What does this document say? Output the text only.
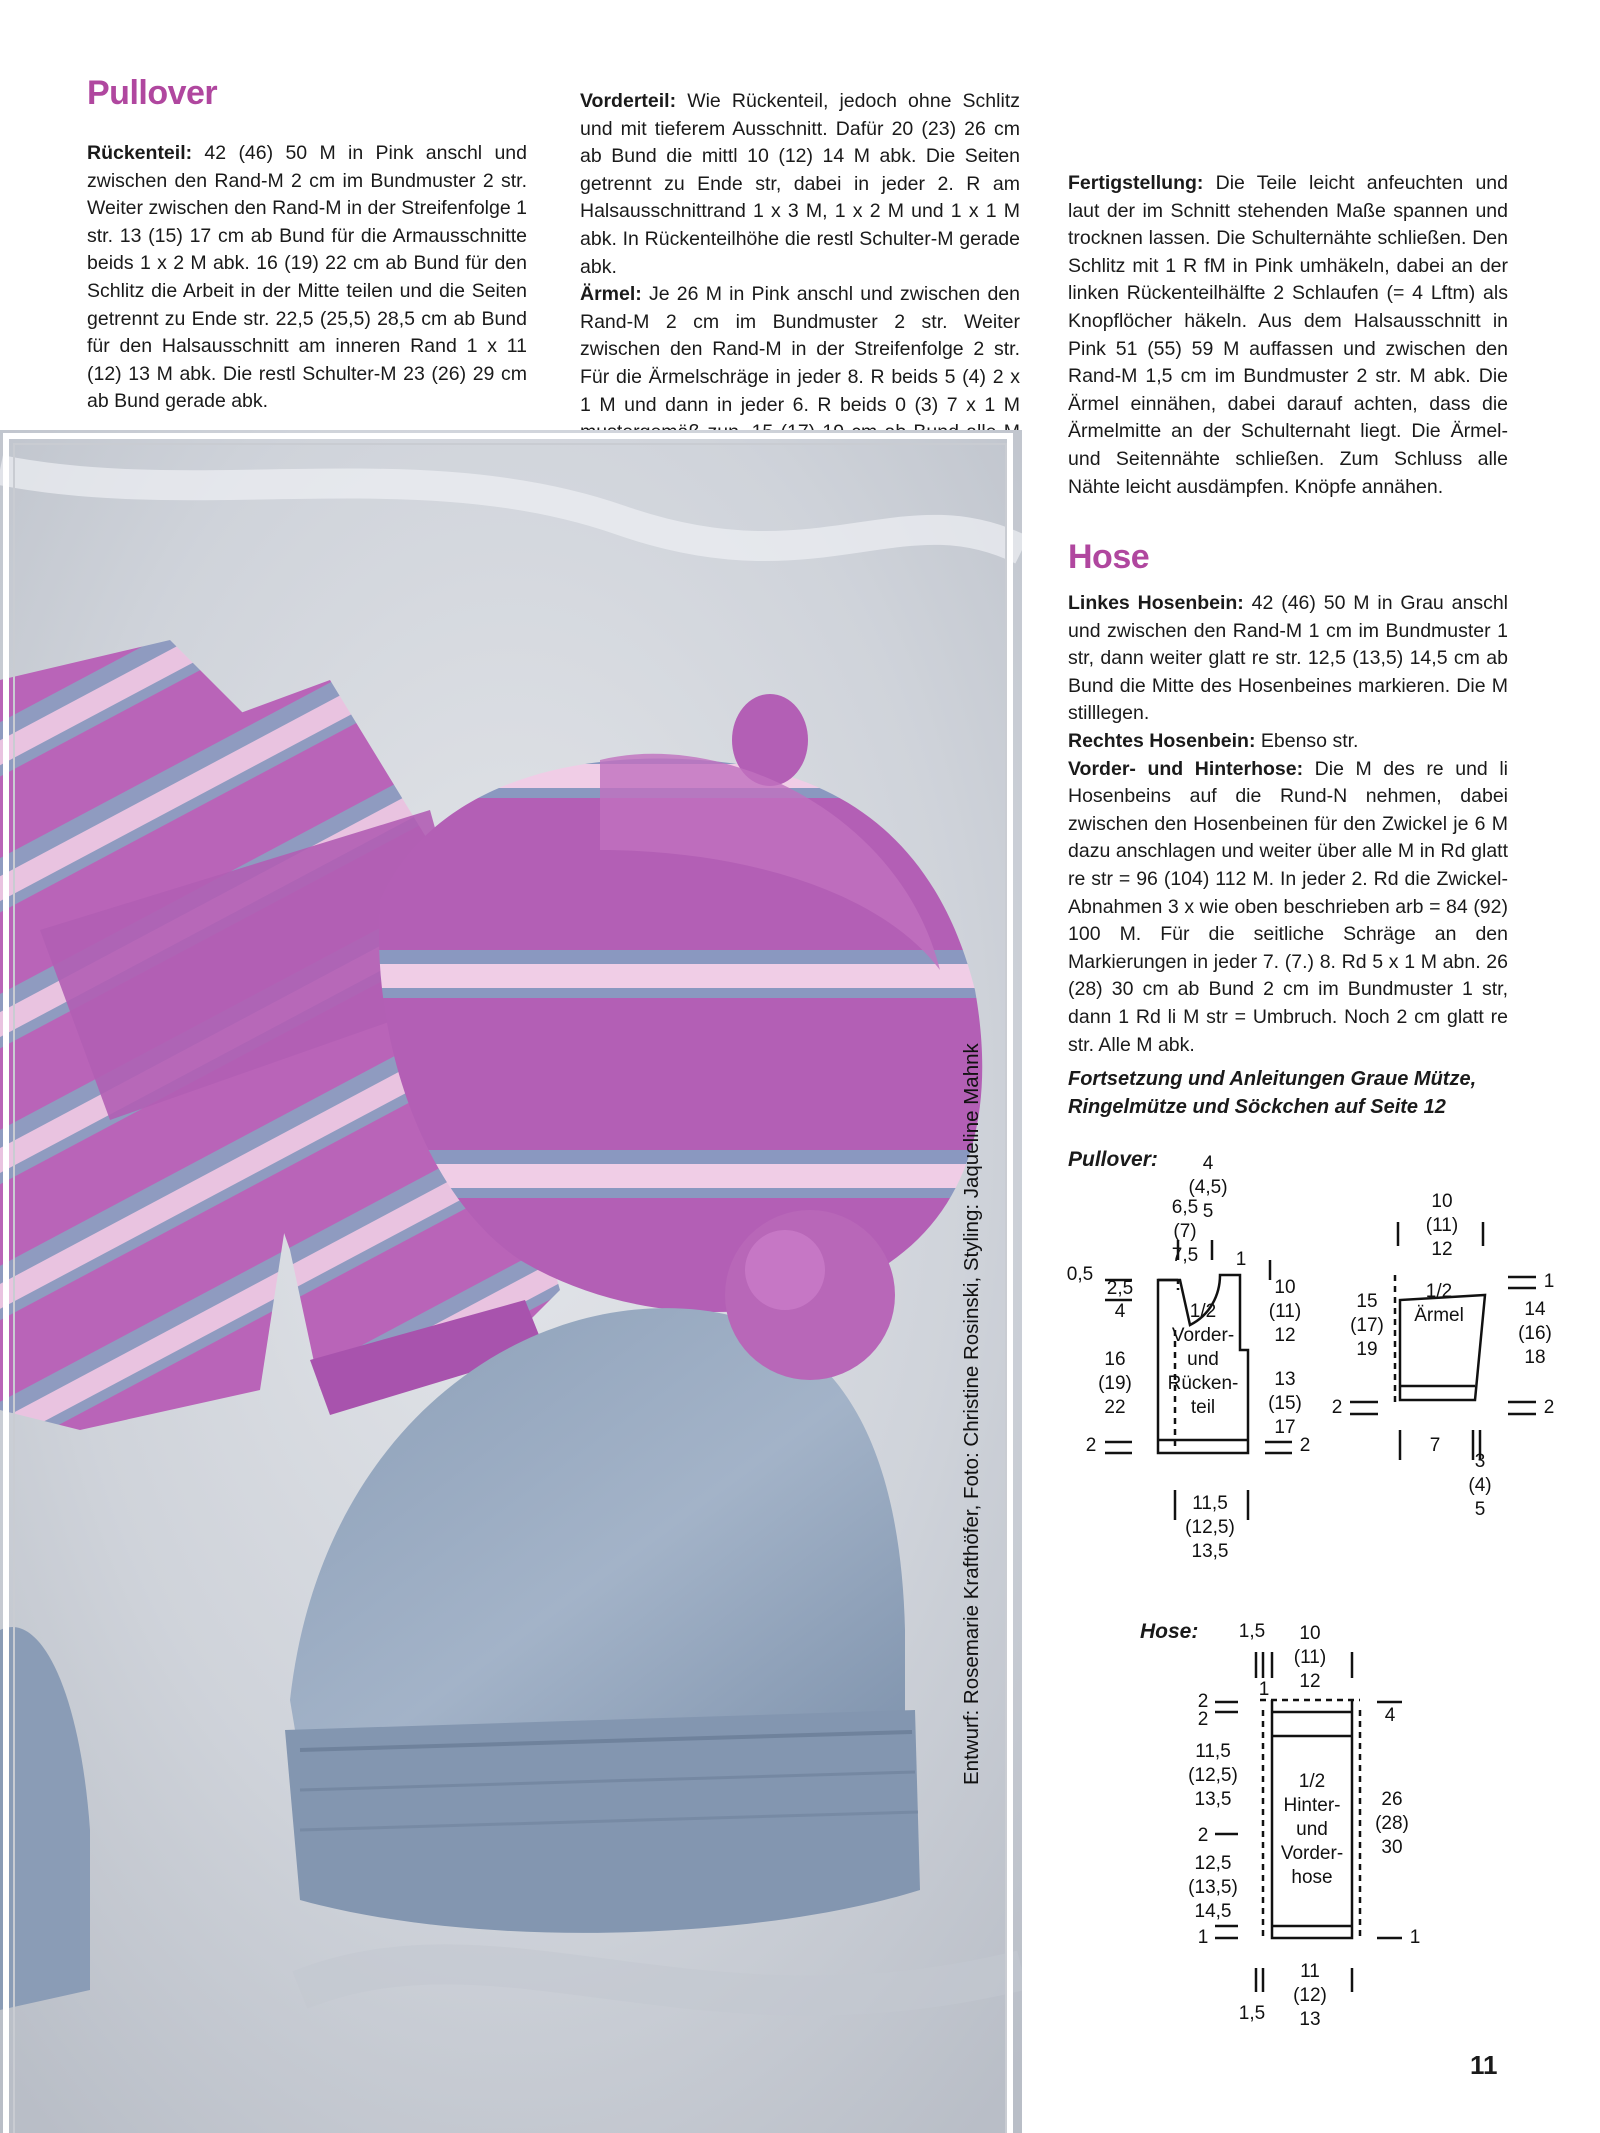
Pullover

Rückenteil: 42 (46) 50 M in Pink anschl und zwischen den Rand-M 2 cm im Bundmuster 2 str. Weiter zwischen den Rand-M in der Streifenfolge 1 str. 13 (15) 17 cm ab Bund für die Armausschnitte beids 1 x 2 M abk. 16 (19) 22 cm ab Bund für den Schlitz die Arbeit in der Mitte teilen und die Seiten getrennt zu Ende str. 22,5 (25,5) 28,5 cm ab Bund für den Halsausschnitt am inneren Rand 1 x 11 (12) 13 M abk. Die restl Schulter-M 23 (26) 29 cm ab Bund gerade abk.

Vorderteil: Wie Rückenteil, jedoch ohne Schlitz und mit tieferem Ausschnitt. Dafür 20 (23) 26 cm ab Bund die mittl 10 (12) 14 M abk. Die Seiten getrennt zu Ende str, dabei in jeder 2. R am Halsausschnittrand 1 x 3 M, 1 x 2 M und 1 x 1 M abk. In Rückenteilhöhe die restl Schulter-M gerade abk.

Ärmel: Je 26 M in Pink anschl und zwischen den Rand-M 2 cm im Bundmuster 2 str. Weiter zwischen den Rand-M in der Streifenfolge 2 str. Für die Ärmelschräge in jeder 8. R beids 5 (4) 2 x 1 M und dann in jeder 6. R beids 0 (3) 7 x 1 M

Fertigstellung: Die Teile leicht anfeuchten und laut der im Schnitt stehenden Maße spannen und trocknen lassen. Die Schulternähte schließen. Den Schlitz mit 1 R fM in Pink umhäkeln, dabei an der linken Rückenteilhälfte 2 Schlaufen (= 4 Lftm) als Knopflöcher häkeln. Aus dem Halsausschnitt in Pink 51 (55) 59 M auffassen und zwischen den Rand-M 1,5 cm im Bundmuster 2 str. M abk. Die Ärmel einnähen, dabei darauf achten, dass die Ärmelmitte an der Schulternaht liegt. Die Ärmel- und Seitennähte schließen. Zum Schluss alle Nähte leicht ausdämpfen. Knöpfe annähen.

Hose

Linkes Hosenbein: 42 (46) 50 M in Grau anschl und zwischen den Rand-M 1 cm im Bundmuster 1 str, dann weiter glatt re str. 12,5 (13,5) 14,5 cm ab Bund die Mitte des Hosenbeines markieren. Die M stilllegen.

Rechtes Hosenbein: Ebenso str.

Vorder- und Hinterhose: Die M des re und li Hosenbeins auf die Rund-N nehmen, dabei zwischen den Hosenbeinen für den Zwickel je 6 M dazu anschlagen und weiter über alle M in Rd glatt re str = 96 (104) 112 M. In jeder 2. Rd die Zwickel-Abnahmen 3 x wie oben beschrieben arb = 84 (92) 100 M. Für die seitliche Schräge an den Markierungen in jeder 7. (7.) 8. Rd 5 x 1 M abn. 26 (28) 30 cm ab Bund 2 cm im Bundmuster 1 str, dann 1 Rd li M str = Umbruch. Noch 2 cm glatt re str. Alle M abk.

Fortsetzung und Anleitungen Graue Mütze, Ringelmütze und Söckchen auf Seite 12
Entwurf: Rosemarie Krafthöfer, Foto: Christine Rosinski, Styling: Jaqueline Mahnk	Pullover:	4
(4,5)
5
6,5
(7)
7,5	1
0,5
2,5
4
16
(19)
22
2
1/2
Vorder-
und
Rücken-
teil
10
(11)
12
13
(15)
17
2
11,5
(12,5)
13,5
10
(11)
12
1/2
Ärmel
15
(17)
19
2
1
14
(16)
18
2
7
3
(4)
5
Hose:	1,5	10
(11)
12
1
2
2	4
11,5
(12,5)
13,5
2
1/2
Hinter-
und
Vorder-
hose
26
(28)
30
12,5
(13,5)
14,5
1	1
11
(12)
13
1,5
11
